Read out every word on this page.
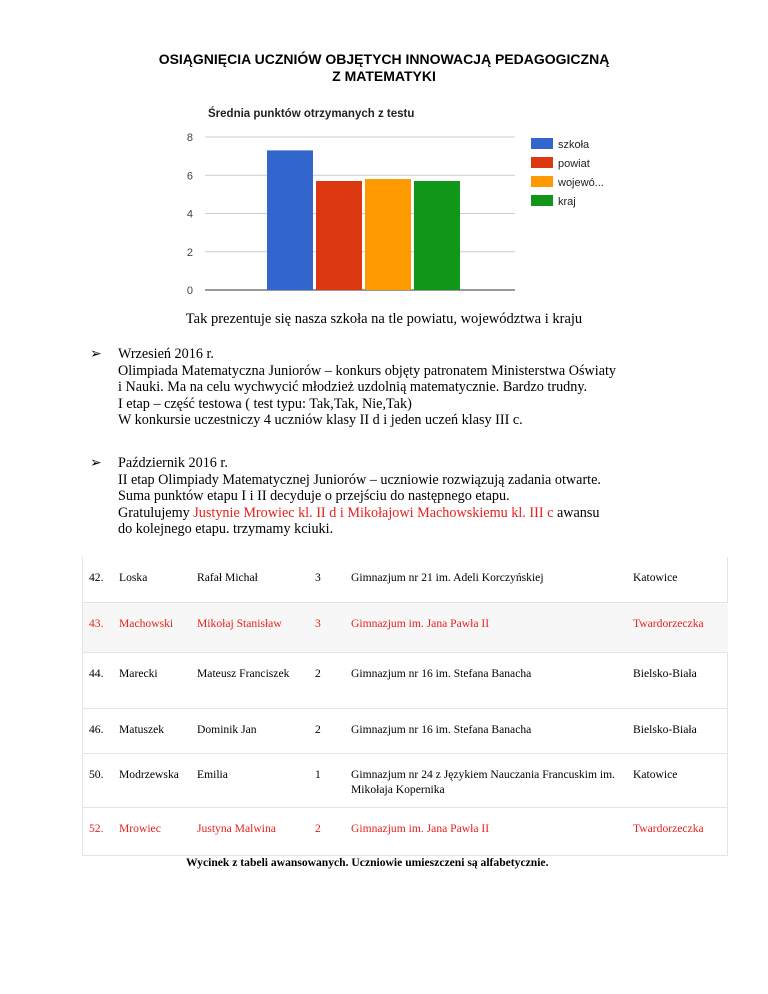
OSIĄGNIĘCIA UCZNIÓW OBJĘTYCH INNOWACJĄ PEDAGOGICZNĄ
Z MATEMATYKI
Średnia punktów otrzymanych z testu
0
2
4
6
8
szkoła
powiat
wojewó...
kraj
Tak prezentuje się nasza szkoła na tle powiatu, województwa i kraju
➢ Wrzesień 2016 r.
Olimpiada Matematyczna Juniorów – konkurs objęty patronatem Ministerstwa Oświaty
i Nauki. Ma na celu wychwycić młodzież uzdolnią matematycznie. Bardzo trudny.
I etap – część testowa ( test typu: Tak,Tak, Nie,Tak)
W konkursie uczestniczy 4 uczniów klasy II d i jeden uczeń klasy III c.
➢ Październik 2016 r.
II etap Olimpiady Matematycznej Juniorów – uczniowie rozwiązują zadania otwarte.
Suma punktów etapu I i II decyduje o przejściu do następnego etapu.
Gratulujemy Justynie Mrowiec kl. II d i Mikołajowi Machowskiemu kl. III c awansu
do kolejnego etapu. trzymamy kciuki.
42.	Loska	Rafał Michał	3	Gimnazjum nr 21 im. Adeli Korczyńskiej	Katowice
43.	Machowski	Mikołaj Stanisław	3	Gimnazjum im. Jana Pawła II	Twardorzeczka
44.	Marecki	Mateusz Franciszek	2	Gimnazjum nr 16 im. Stefana Banacha	Bielsko-Biała
46.	Matuszek	Dominik Jan	2	Gimnazjum nr 16 im. Stefana Banacha	Bielsko-Biała
50.	Modrzewska	Emilia	1	Gimnazjum nr 24 z Językiem Nauczania Francuskim im. Mikołaja Kopernika	Katowice
52.	Mrowiec	Justyna Malwina	2	Gimnazjum im. Jana Pawła II	Twardorzeczka
Wycinek z tabeli awansowanych. Uczniowie umieszczeni są alfabetycznie.
